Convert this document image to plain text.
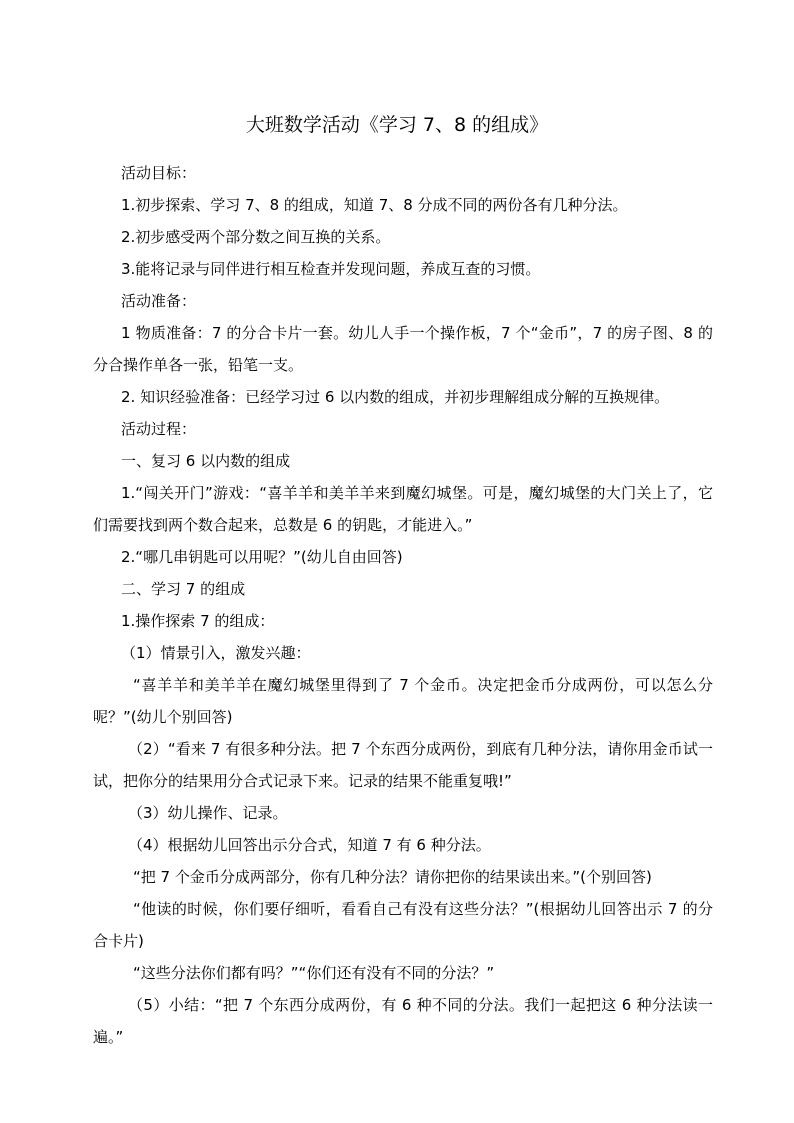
大班数学活动《学习 7、8 的组成》

活动目标：

1.初步探索、学习 7、8 的组成，知道 7、8 分成不同的两份各有几种分法。

2.初步感受两个部分数之间互换的关系。

3.能将记录与同伴进行相互检查并发现问题，养成互查的习惯。

活动准备：

1 物质准备：7 的分合卡片一套。幼儿人手一个操作板，7 个“金币”，7 的房子图、8 的分合操作单各一张，铅笔一支。

2. 知识经验准备：已经学习过 6 以内数的组成，并初步理解组成分解的互换规律。

活动过程：

一、复习 6 以内数的组成

1.“闯关开门”游戏：“喜羊羊和美羊羊来到魔幻城堡。可是，魔幻城堡的大门关上了，它们需要找到两个数合起来，总数是 6 的钥匙，才能进入。”

2.“哪几串钥匙可以用呢？”(幼儿自由回答)

二、学习 7 的组成

1.操作探索 7 的组成：

（1）情景引入，激发兴趣：

“喜羊羊和美羊羊在魔幻城堡里得到了 7 个金币。决定把金币分成两份，可以怎么分呢？”(幼儿个别回答)

（2）“看来 7 有很多种分法。把 7 个东西分成两份，到底有几种分法，请你用金币试一试，把你分的结果用分合式记录下来。记录的结果不能重复哦!”

（3）幼儿操作、记录。

（4）根据幼儿回答出示分合式，知道 7 有 6 种分法。

“把 7 个金币分成两部分，你有几种分法？请你把你的结果读出来。”(个别回答)

“他读的时候，你们要仔细听，看看自己有没有这些分法？”(根据幼儿回答出示 7 的分合卡片)

“这些分法你们都有吗？”“你们还有没有不同的分法？”

（5）小结：“把 7 个东西分成两份，有 6 种不同的分法。我们一起把这 6 种分法读一遍。”
